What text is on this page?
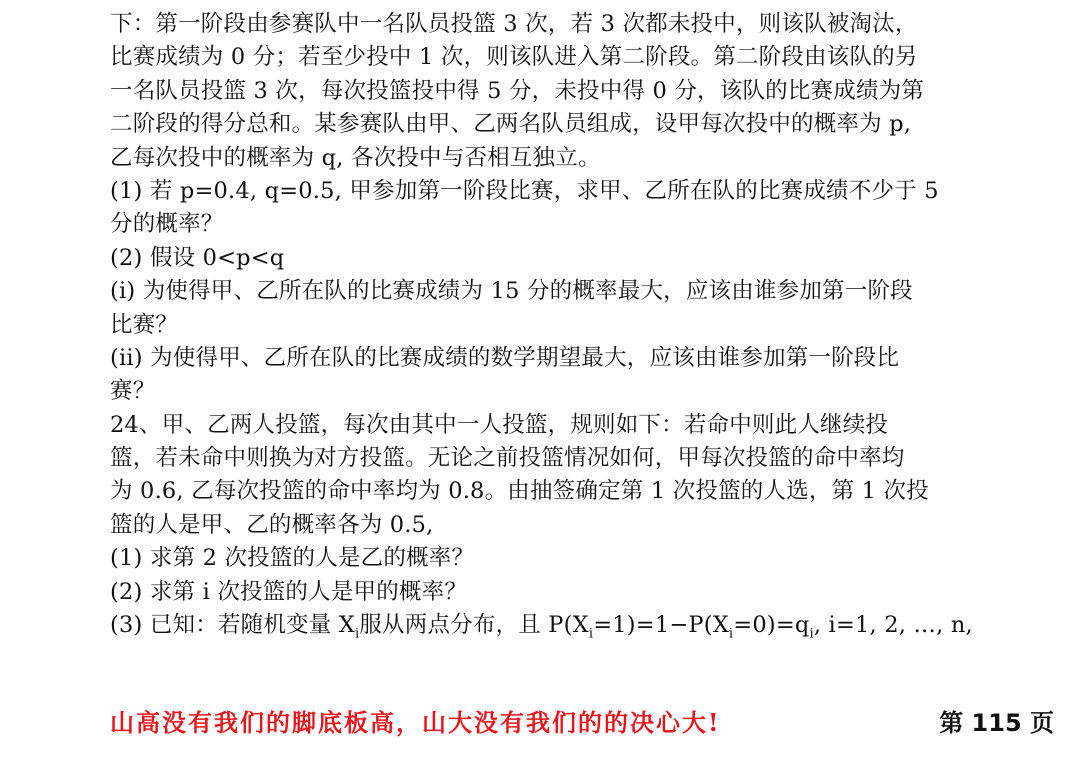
下：第一阶段由参赛队中一名队员投篮 3 次，若 3 次都未投中，则该队被淘汰，
比赛成绩为 0 分；若至少投中 1 次，则该队进入第二阶段。第二阶段由该队的另
一名队员投篮 3 次，每次投篮投中得 5 分，未投中得 0 分，该队的比赛成绩为第
二阶段的得分总和。某参赛队由甲、乙两名队员组成，设甲每次投中的概率为 p,
乙每次投中的概率为 q, 各次投中与否相互独立。
(1) 若 p=0.4, q=0.5, 甲参加第一阶段比赛，求甲、乙所在队的比赛成绩不少于 5
分的概率？
(2) 假设 0<p<q
(i) 为使得甲、乙所在队的比赛成绩为 15 分的概率最大，应该由谁参加第一阶段
比赛？
(ii) 为使得甲、乙所在队的比赛成绩的数学期望最大，应该由谁参加第一阶段比
赛？
24、甲、乙两人投篮，每次由其中一人投篮，规则如下：若命中则此人继续投
篮，若未命中则换为对方投篮。无论之前投篮情况如何，甲每次投篮的命中率均
为 0.6, 乙每次投篮的命中率均为 0.8。由抽签确定第 1 次投篮的人选，第 1 次投
篮的人是甲、乙的概率各为 0.5,
(1) 求第 2 次投篮的人是乙的概率？
(2) 求第 i 次投篮的人是甲的概率？
(3) 已知：若随机变量 $X_i$服从两点分布，且 $P(X_i=1)=1-P(X_i=0)=q_i$, i=1, 2, …, n,
山高没有我们的脚底板高，山大没有我们的的决心大!	第 115 页
